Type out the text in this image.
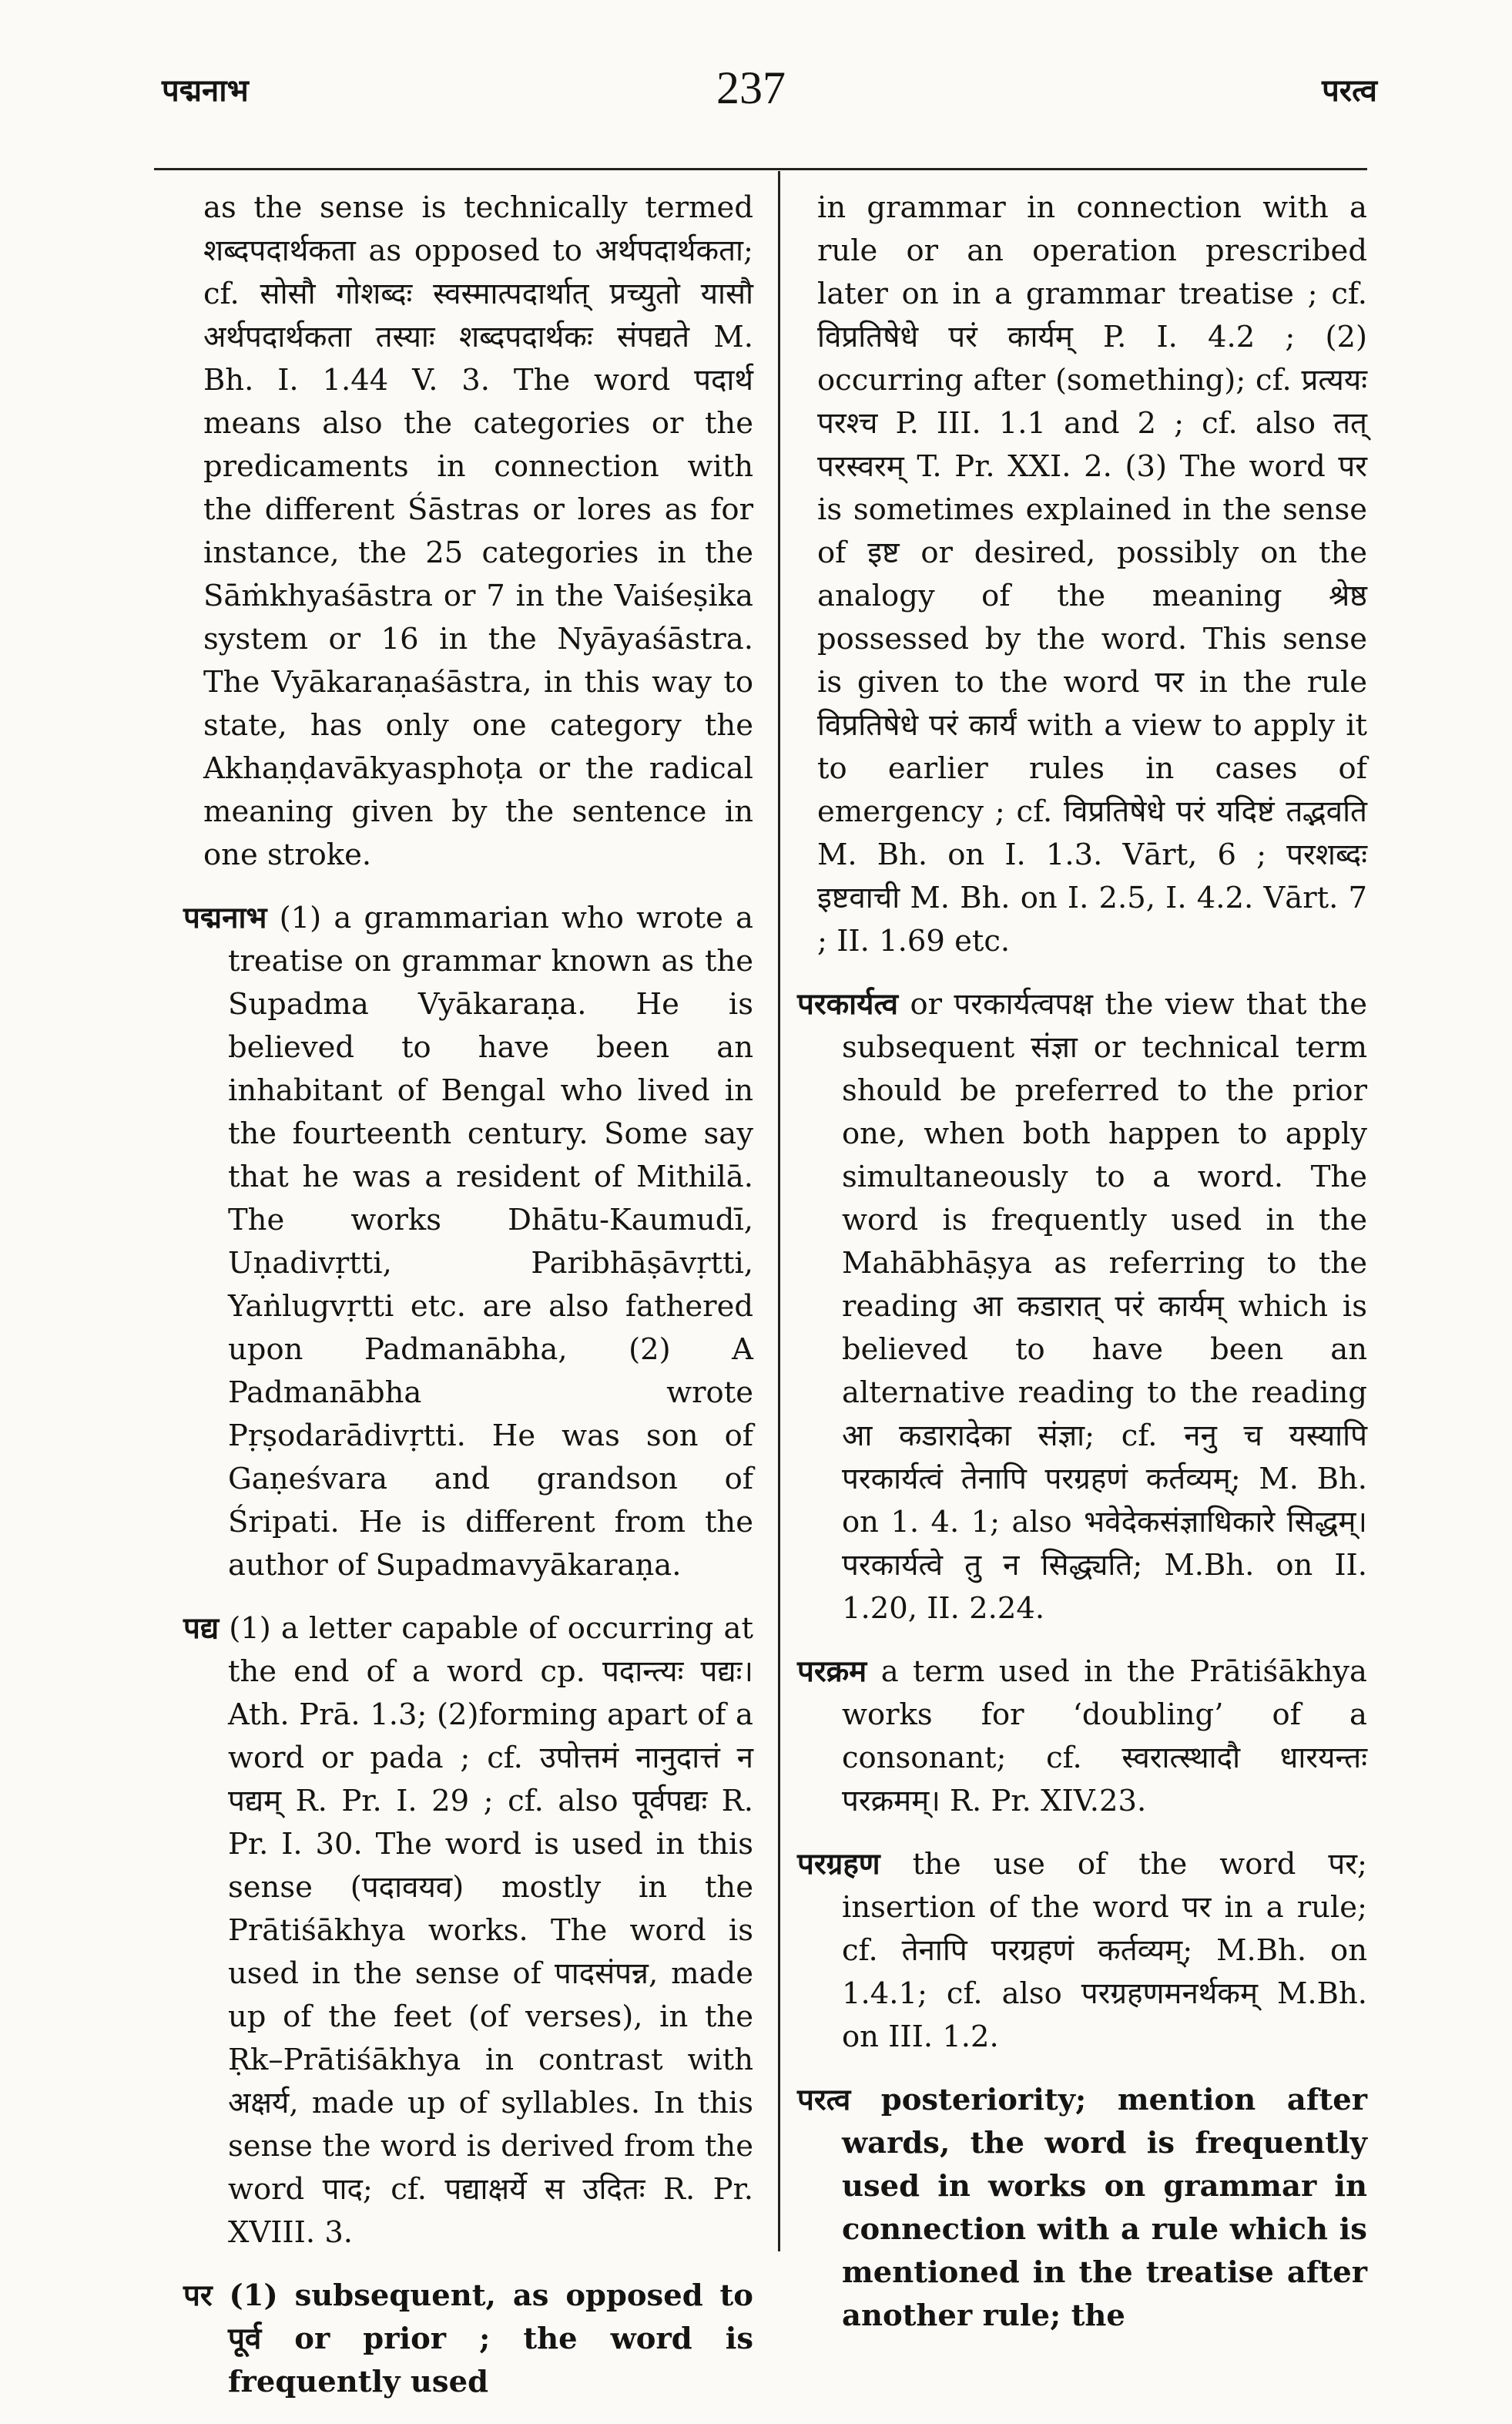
पद्मनाभ	237	परत्व
as the sense is technically termed शब्दपदार्थकता as opposed to अर्थपदार्थकता; cf. सोसौ गोशब्दः स्वस्मात्पदार्थात् प्रच्युतो यासौ अर्थपदार्थकता तस्याः शब्दपदार्थकः संपद्यते M. Bh. I. 1.44 V. 3. The word पदार्थ means also the categories or the predicaments in connection with the different Śāstras or lores as for instance, the 25 categories in the Sāṁkhyaśāstra or 7 in the Vaiśeṣika system or 16 in the Nyāyaśāstra. The Vyākaraṇaśāstra, in this way to state, has only one category the Akhaṇḍavākyasphoṭa or the radical meaning given by the sentence in one stroke.
पद्मनाभ (1) a grammarian who wrote a treatise on grammar known as the Supadma Vyākaraṇa. He is believed to have been an inhabitant of Bengal who lived in the fourteenth century. Some say that he was a resident of Mithilā. The works Dhātu-Kaumudī, Uṇadivṛtti, Paribhāṣāvṛtti, Yaṅlugvṛtti etc. are also fathered upon Padmanābha, (2) A Padmanābha wrote Pṛṣodarādivṛtti. He was son of Gaṇeśvara and grandson of Śripati. He is different from the author of Supadmavyākaraṇa.
पद्य (1) a letter capable of occurring at the end of a word cp. पदान्त्यः पद्यः। Ath. Prā. 1.3; (2)forming apart of a word or pada ; cf. उपोत्तमं नानुदात्तं न पद्यम् R. Pr. I. 29 ; cf. also पूर्वपद्यः R. Pr. I. 30. The word is used in this sense (पदावयव) mostly in the Prātiśākhya works. The word is used in the sense of पादसंपन्न, made up of the feet (of verses), in the Ṛk–Prātiśākhya in contrast with अक्षर्य, made up of syllables. In this sense the word is derived from the word पाद; cf. पद्याक्षर्ये स उदितः R. Pr. XVIII. 3.
पर (1) subsequent, as opposed to पूर्व or prior ; the word is frequently used
in grammar in connection with a rule or an operation prescribed later on in a grammar treatise ; cf. विप्रतिषेधे परं कार्यम् P. I. 4.2 ; (2) occurring after (something); cf. प्रत्ययः परश्च P. III. 1.1 and 2 ; cf. also तत् परस्वरम् T. Pr. XXI. 2. (3) The word पर is sometimes explained in the sense of इष्ट or desired, possibly on the analogy of the meaning श्रेष्ठ possessed by the word. This sense is given to the word पर in the rule विप्रतिषेधे परं कार्यं with a view to apply it to earlier rules in cases of emergency ; cf. विप्रतिषेधे परं यदिष्टं तद्भवति M. Bh. on I. 1.3. Vārt, 6 ; परशब्दः इष्टवाची M. Bh. on I. 2.5, I. 4.2. Vārt. 7 ; II. 1.69 etc.
परकार्यत्व or परकार्यत्वपक्ष the view that the subsequent संज्ञा or technical term should be preferred to the prior one, when both happen to apply simultaneously to a word. The word is frequently used in the Mahābhāṣya as referring to the reading आ कडारात् परं कार्यम् which is believed to have been an alternative reading to the reading आ कडारादेका संज्ञा; cf. ननु च यस्यापि परकार्यत्वं तेनापि परग्रहणं कर्तव्यम्; M. Bh. on 1. 4. 1; also भवेदेकसंज्ञाधिकारे सिद्धम्। परकार्यत्वे तु न सिद्ध्यति; M.Bh. on II. 1.20, II. 2.24.
परक्रम a term used in the Prātiśākhya works for ‘doubling’ of a consonant; cf. स्वरात्स्थादौ धारयन्तः परक्रमम्। R. Pr. XIV.23.
परग्रहण the use of the word पर; insertion of the word पर in a rule; cf. तेनापि परग्रहणं कर्तव्यम्; M.Bh. on 1.4.1; cf. also परग्रहणमनर्थकम् M.Bh. on III. 1.2.
परत्व posteriority; mention after wards, the word is frequently used in works on grammar in connection with a rule which is mentioned in the treatise after another rule; the
